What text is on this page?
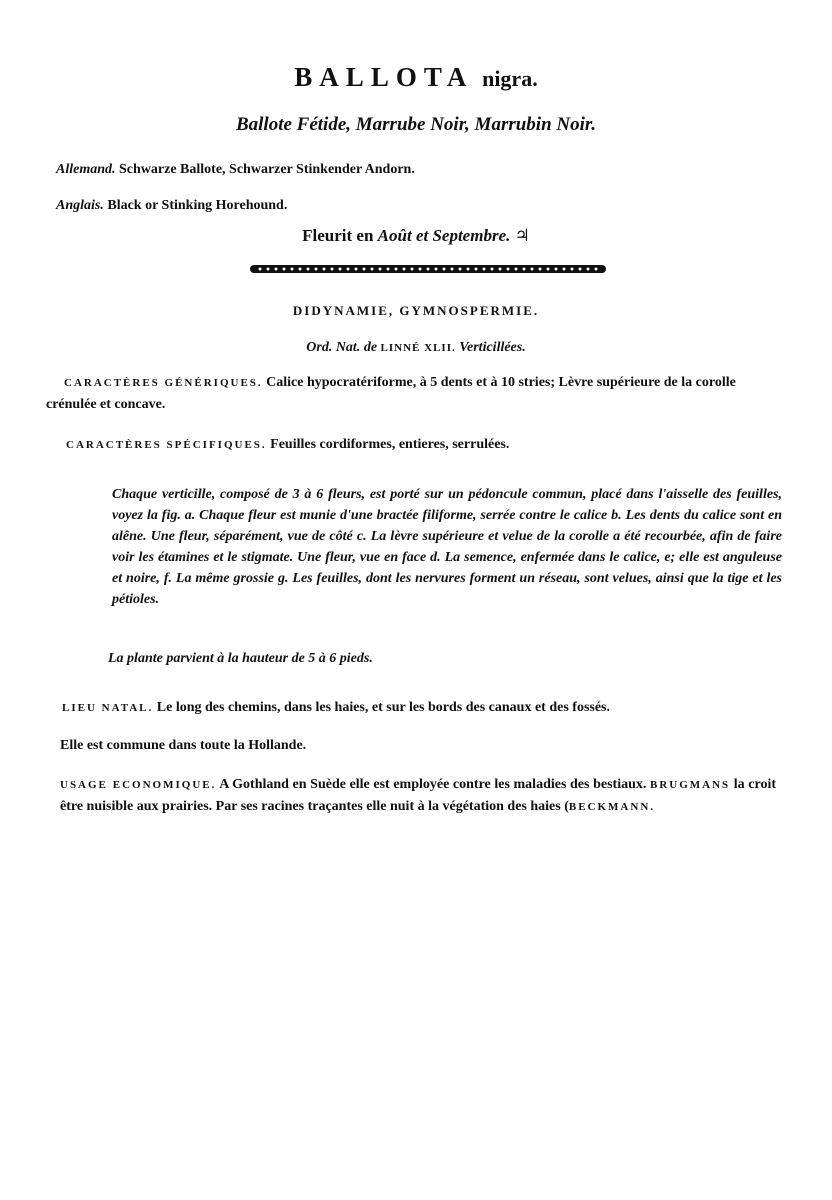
BALLOTA nigra.
Ballote Fétide, Marrube Noir, Marrubin Noir.
Allemand. Schwarze Ballote, Schwarzer Stinkender Andorn.
Anglais. Black or Stinking Horehound.
Fleurit en Août et Septembre. ♃
DIDYNAMIE, GYMNOSPERMIE.
Ord. Nat. de LINNÉ XLII. Verticillées.
CARACTÈRES GÉNÉRIQUES. Calice hypocratériforme, à 5 dents et à 10 stries; Lèvre supérieure de la corolle crénulée et concave.
CARACTÈRES SPÉCIFIQUES. Feuilles cordiformes, entieres, serrulées.
Chaque verticille, composé de 3 à 6 fleurs, est porté sur un pédoncule commun, placé dans l'aisselle des feuilles, voyez la fig. a. Chaque fleur est munie d'une bractée filiforme, serrée contre le calice b. Les dents du calice sont en alêne. Une fleur, séparément, vue de côté c. La lèvre supérieure et velue de la corolle a été recourbée, afin de faire voir les étamines et le stigmate. Une fleur, vue en face d. La semence, enfermée dans le calice, e; elle est anguleuse et noire, f. La même grossie g. Les feuilles, dont les nervures forment un réseau, sont velues, ainsi que la tige et les pétioles.
La plante parvient à la hauteur de 5 à 6 pieds.
LIEU NATAL. Le long des chemins, dans les haies, et sur les bords des canaux et des fossés.
Elle est commune dans toute la Hollande.
USAGE ECONOMIQUE. A Gothland en Suède elle est employée contre les maladies des bestiaux. BRUGMANS la croit être nuisible aux prairies. Par ses racines traçantes elle nuit à la végétation des haies (BECKMANN.
